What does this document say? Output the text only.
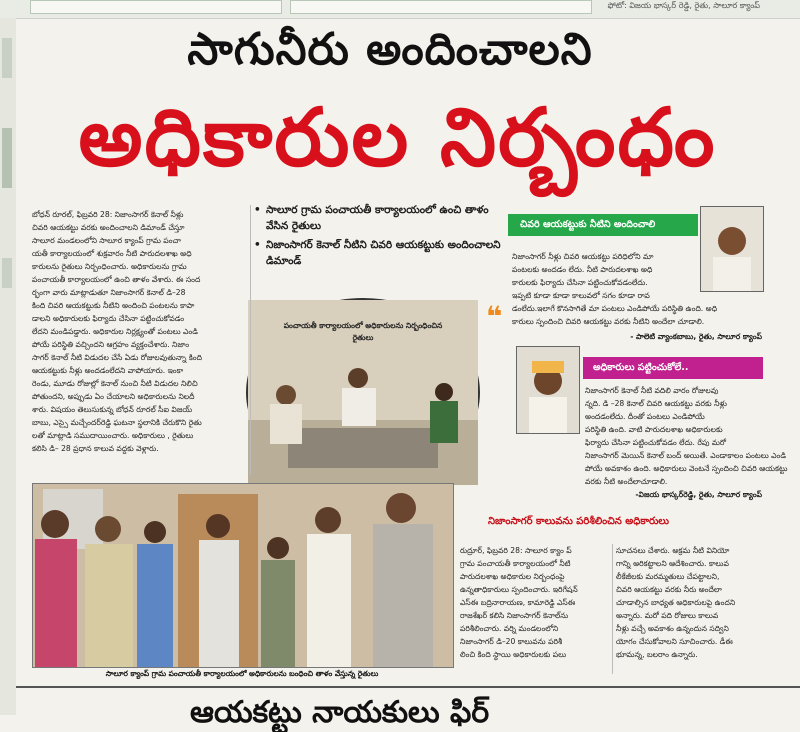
ఫోటో: విజయ భాస్కర్ రెడ్డి, రైతు, సాలూర క్యాంప్
సాగునీరు అందించాలని
అధికారుల నిర్బంధం
బోధన్ రూరల్, ఫిబ్రవరి 28: నిజాంసాగర్ కెనాల్ నీళ్లు
చివరి ఆయకట్టు వరకు అందించాలని డిమాండ్ చేస్తూ
సాలూర మండలంలోని సాలూర క్యాంప్ గ్రామ పంచా
యతీ కార్యాలయంలో శుక్రవారం నీటి పారుదలశాఖ అధి
కారులను రైతులు నిర్బంధించారు. అధికారులను గ్రామ
పంచాయతీ కార్యాలయంలో ఉంచి తాళం వేశారు. ఈ సంద
ర్భంగా వారు మాట్లాడుతూ నిజాంసాగర్ కెనాల్ డి–28
కింది చివరి ఆయకట్టుకు నీటిని అందించి పంటలను కాపా
డాలని అధికారులకు ఫిర్యాదు చేసినా పట్టించుకోవడం
లేదని మండిపడ్డారు. అధికారుల నిర్లక్ష్యంతో పంటలు ఎండి
పోయే పరిస్థితి వచ్చిందని ఆగ్రహం వ్యక్తంచేశారు. నిజాం
సాగర్ కెనాల్ నీటి విడుదల చేసే ఏడు రోజులవుతున్నా కింది
ఆయకట్టుకు నీళ్లు అందడంలేదని వాపోయారు. ఇంకా
రెండు, మూడు రోజుల్లో కెనాల్ నుంచి నీటి విడుదల నిలిచి
పోతుందని, అప్పుడు ఏం చేయాలని అధికారులను నిలదీ
శారు. విషయం తెలుసుకున్న బోధన్ రూరల్ సీఐ విజయ్
బాబు, ఎస్సై మచ్చేందర్‌రెడ్డి ఘటనా స్థలానికి చేరుకొని రైతు
లతో మాట్లాడి సముదాయించారు. అధికారులు , రైతులు
కలిసి డి– 28 ప్రధాన కాలువ వద్దకు వెళ్లారు.
• సాలూర గ్రామ పంచాయతీ కార్యాలయంలో ఉంచి తాళం వేసిన రైతులు
• నిజాంసాగర్ కెనాల్ నీటిని చివరి ఆయకట్టుకు అందించాలని డిమాండ్
పంచాయతీ కార్యాలయంలో అధికారులను నిర్బంధించిన రైతులు
చివరి ఆయకట్టుకు నీటిని అందించాలి
నిజాంసాగర్ నీళ్లు చివరి ఆయకట్టు పరిధిలోని మా
పంటలకు అందడం లేదు. నీటి పారుదలశాఖ అధి
కారులకు ఫిర్యాదు చేసినా పట్టించుకోవడంలేదు.
ఇప్పటి కూడా కూడా కాలువలో సగం కూడా రావ
డంలేదు.ఇలాగే కొనసాగితే మా పంటలు ఎండిపోయే పరిస్థితి ఉంది. అధి
కారులు స్పందించి చివరి ఆయకట్టు వరకు నీటిని అందేలా చూడాలి.
❝
- పాలెటి వ్యాంకబాబు, రైతు, సాలూర క్యాంప్
అధికారులు పట్టించుకోలే..
నిజాంసాగర్ కెనాల్ నీటి వదిలి వారం రోజులవు
న్నది. డి –28 కెనాల్ చివరి ఆయకట్టు వరకు నీళ్లు
అందడంలేదు. దీంతో పంటలు ఎండిపోయే
పరిస్థితి ఉంది. వాటి పారుదలశాఖ అధికారులకు
ఫిర్యాదు చేసినా పట్టించుకోవడం లేదు. రేపు మరో
నిజాంసాగర్ మెయిన్ కెనాల్ బంద్ అయితే. ఎండాకాలం పంటలు ఎండి
పోయే అవకాశం ఉంది. అధికారులు వెంటనే స్పందించి చివరి ఆయకట్టు
వరకు నీటి అందేలాచూడాలి.
-విజయ భాస్కర్‌రెడ్డి, రైతు, సాలూర క్యాంప్
సాలూర క్యాంప్ గ్రామ పంచాయతీ కార్యాలయంలో అధికారులను బంధించి తాళం వేస్తున్న రైతులు
నిజాంసాగర్ కాలువను పరిశీలించిన అధికారులు
రుద్రూర్, ఫిబ్రవరి 28: సాలూర క్యాం ప్
గ్రామ పంచాయతీ కార్యాలయంలో నీటి
పారుదలశాఖ అధికారుల నిర్బంధంపై
ఉన్నతాధికారులు స్పందించారు. ఇరిగేషన్
ఎస్ఈ బద్రినారాయణ, కామారెడ్డి ఎస్ఈ
రాజశేఖర్ కలిసి నిజాంసాగర్ కెనాల్‌ను
పరిశీలించారు. వర్ని మండలంలోని
నిజాంసాగర్ డి–20 కాలువను పరిశీ
లించి కింది స్థాయి అధికారులకు పలు
సూచనలు చేశారు. అక్రమ నీటి వినియో
గాన్ని అరికట్టాలని ఆదేశించారు. కాలువ
లీకేజీలకు మరమ్మతులు చేపట్టాలని,
చివరి ఆయకట్టు వరకు నీరు అందేలా
చూడాల్సిన బాధ్యత అధికారులపై ఉందని
అన్నారు. మరో పది రోజులు కాలువ
నీళ్లు వచ్చే అవకాశం ఉన్నందున సద్విని
యోగం చేసుకోవాలని సూచించారు. డీఈ
భూమన్న, బలరాం ఉన్నారు.
ఆయకట్టు నాయకులు ఫిర్
